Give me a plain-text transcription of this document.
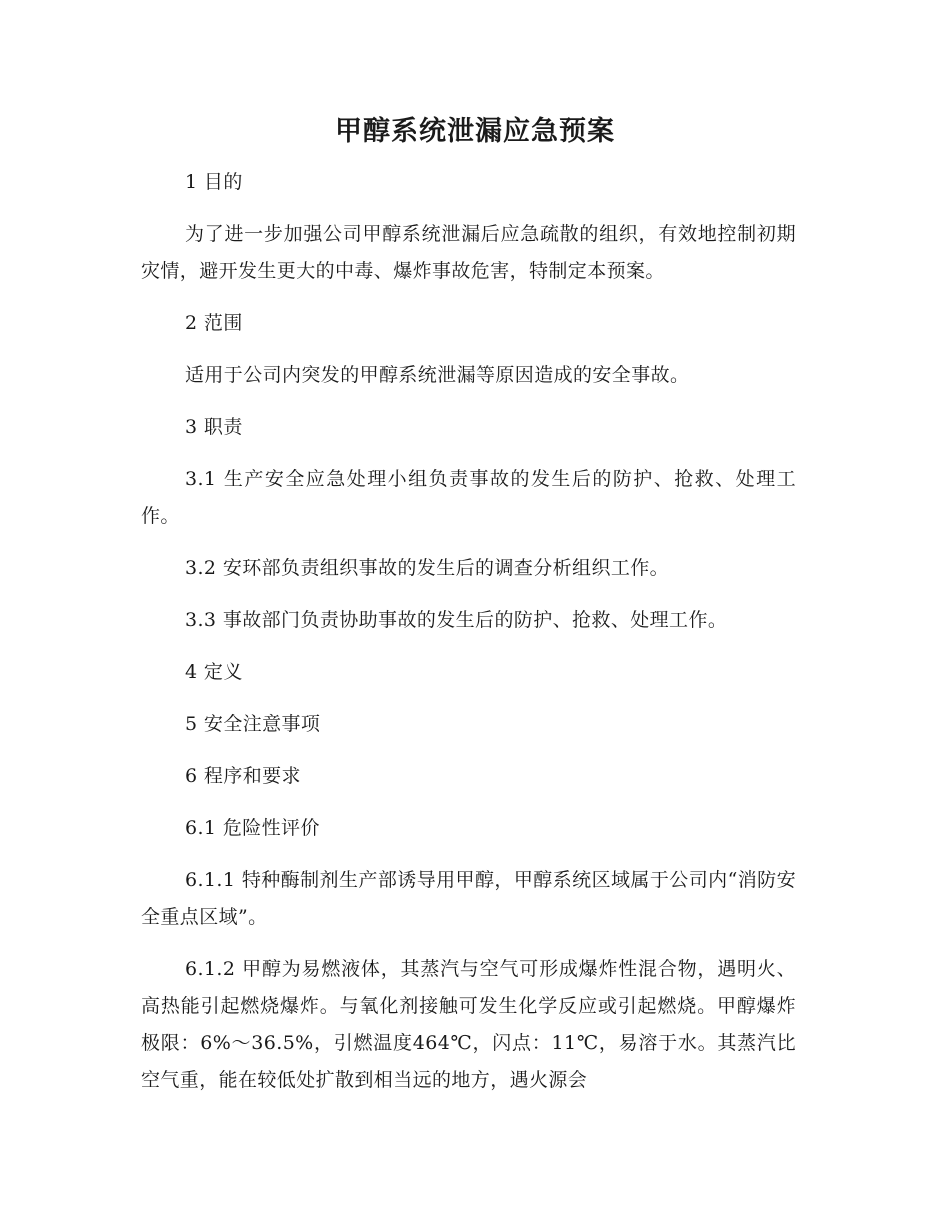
甲醇系统泄漏应急预案

1 目的

为了进一步加强公司甲醇系统泄漏后应急疏散的组织，有效地控制初期灾情，避开发生更大的中毒、爆炸事故危害，特制定本预案。

2 范围

适用于公司内突发的甲醇系统泄漏等原因造成的安全事故。

3 职责

3.1 生产安全应急处理小组负责事故的发生后的防护、抢救、处理工作。

3.2 安环部负责组织事故的发生后的调查分析组织工作。

3.3 事故部门负责协助事故的发生后的防护、抢救、处理工作。

4 定义

5 安全注意事项

6 程序和要求

6.1 危险性评价

6.1.1 特种酶制剂生产部诱导用甲醇，甲醇系统区域属于公司内“消防安全重点区域”。

6.1.2 甲醇为易燃液体，其蒸汽与空气可形成爆炸性混合物，遇明火、高热能引起燃烧爆炸。与氧化剂接触可发生化学反应或引起燃烧。甲醇爆炸极限：6%～36.5%，引燃温度464℃，闪点：11℃，易溶于水。其蒸汽比空气重，能在较低处扩散到相当远的地方，遇火源会
